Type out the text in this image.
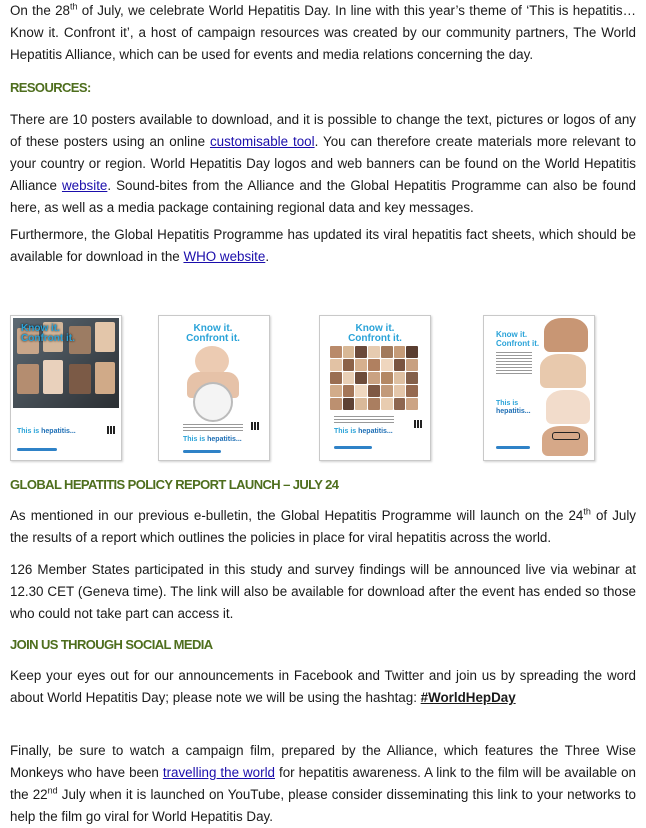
On the 28th of July, we celebrate World Hepatitis Day. In line with this year’s theme of ‘This is hepatitis… Know it. Confront it’, a host of campaign resources was created by our community partners, The World Hepatitis Alliance, which can be used for events and media relations concerning the day.

RESOURCES:

There are 10 posters available to download, and it is possible to change the text, pictures or logos of any of these posters using an online customisable tool. You can therefore create materials more relevant to your country or region. World Hepatitis Day logos and web banners can be found on the World Hepatitis Alliance website. Sound-bites from the Alliance and the Global Hepatitis Programme can also be found here, as well as a media package containing regional data and key messages.

Furthermore, the Global Hepatitis Programme has updated its viral hepatitis fact sheets, which should be available for download in the WHO website.

Know it.
Confront it.
This is hepatitis...
Know it.
Confront it.
This is hepatitis...
Know it.
Confront it.
This is hepatitis...
Know it.
Confront it.
This is
hepatitis...
GLOBAL HEPATITIS POLICY REPORT LAUNCH – JULY 24

As mentioned in our previous e-bulletin, the Global Hepatitis Programme will launch on the 24th of July the results of a report which outlines the policies in place for viral hepatitis across the world.

126 Member States participated in this study and survey findings will be announced live via webinar at 12.30 CET (Geneva time). The link will also be available for download after the event has ended so those who could not take part can access it.

JOIN US THROUGH SOCIAL MEDIA

Keep your eyes out for our announcements in Facebook and Twitter and join us by spreading the word about World Hepatitis Day; please note we will be using the hashtag: #WorldHepDay

Finally, be sure to watch a campaign film, prepared by the Alliance, which features the Three Wise Monkeys who have been travelling the world for hepatitis awareness. A link to the film will be available on the 22nd July when it is launched on YouTube, please consider disseminating this link to your networks to help the film go viral for World Hepatitis Day.
